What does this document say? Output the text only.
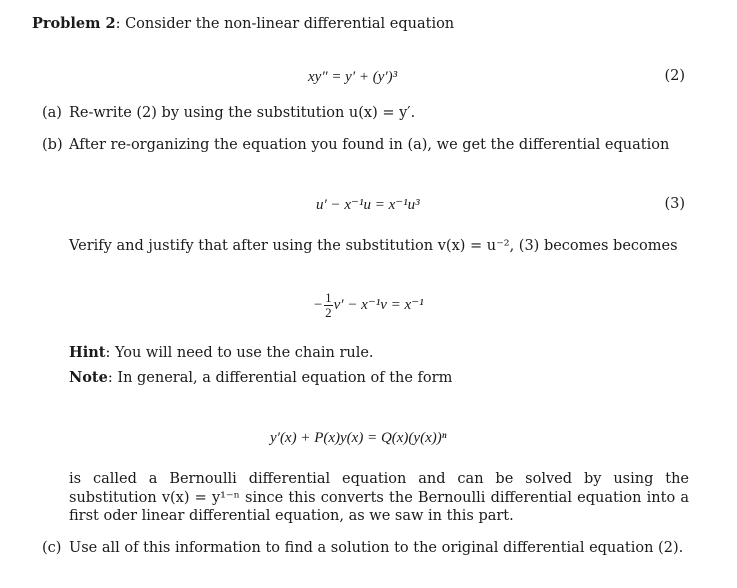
Problem 2: Consider the non-linear differential equation
xy″ = y′ + (y′)³	(2)
(a) Re-write (2) by using the substitution u(x) = y′.
(b) After re-organizing the equation you found in (a), we get the differential equation
u′ − x⁻¹u = x⁻¹u³	(3)
Verify and justify that after using the substitution v(x) = u⁻², (3) becomes becomes
− $\frac{1}{2} v' - x^{-1}v = x^{-1}$
Hint: You will need to use the chain rule.
Note: In general, a differential equation of the form
y′(x) + P(x)y(x) = Q(x)(y(x))ⁿ
is called a Bernoulli differential equation and can be solved by using the substitution v(x) = y¹⁻ⁿ since this converts the Bernoulli differential equation into a first oder linear differential equation, as we saw in this part.
(c) Use all of this information to find a solution to the original differential equation (2).
